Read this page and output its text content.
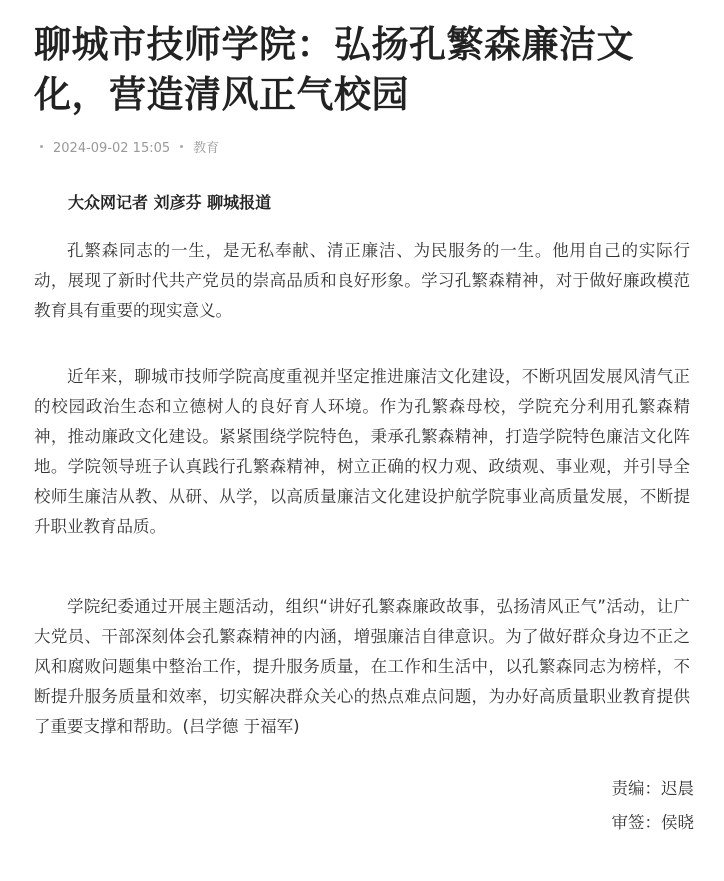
聊城市技师学院：弘扬孔繁森廉洁文化，营造清风正气校园
2024-09-02 15:05 教育

大众网记者 刘彦芬 聊城报道

孔繁森同志的一生，是无私奉献、清正廉洁、为民服务的一生。他用自己的实际行动，展现了新时代共产党员的崇高品质和良好形象。学习孔繁森精神，对于做好廉政模范教育具有重要的现实意义。

近年来，聊城市技师学院高度重视并坚定推进廉洁文化建设，不断巩固发展风清气正的校园政治生态和立德树人的良好育人环境。作为孔繁森母校，学院充分利用孔繁森精神，推动廉政文化建设。紧紧围绕学院特色，秉承孔繁森精神，打造学院特色廉洁文化阵地。学院领导班子认真践行孔繁森精神，树立正确的权力观、政绩观、事业观，并引导全校师生廉洁从教、从研、从学，以高质量廉洁文化建设护航学院事业高质量发展，不断提升职业教育品质。

学院纪委通过开展主题活动，组织“讲好孔繁森廉政故事，弘扬清风正气”活动，让广大党员、干部深刻体会孔繁森精神的内涵，增强廉洁自律意识。为了做好群众身边不正之风和腐败问题集中整治工作，提升服务质量，在工作和生活中，以孔繁森同志为榜样，不断提升服务质量和效率，切实解决群众关心的热点难点问题，为办好高质量职业教育提供了重要支撑和帮助。(吕学德 于福军)

责编：迟晨

审签：侯晓
